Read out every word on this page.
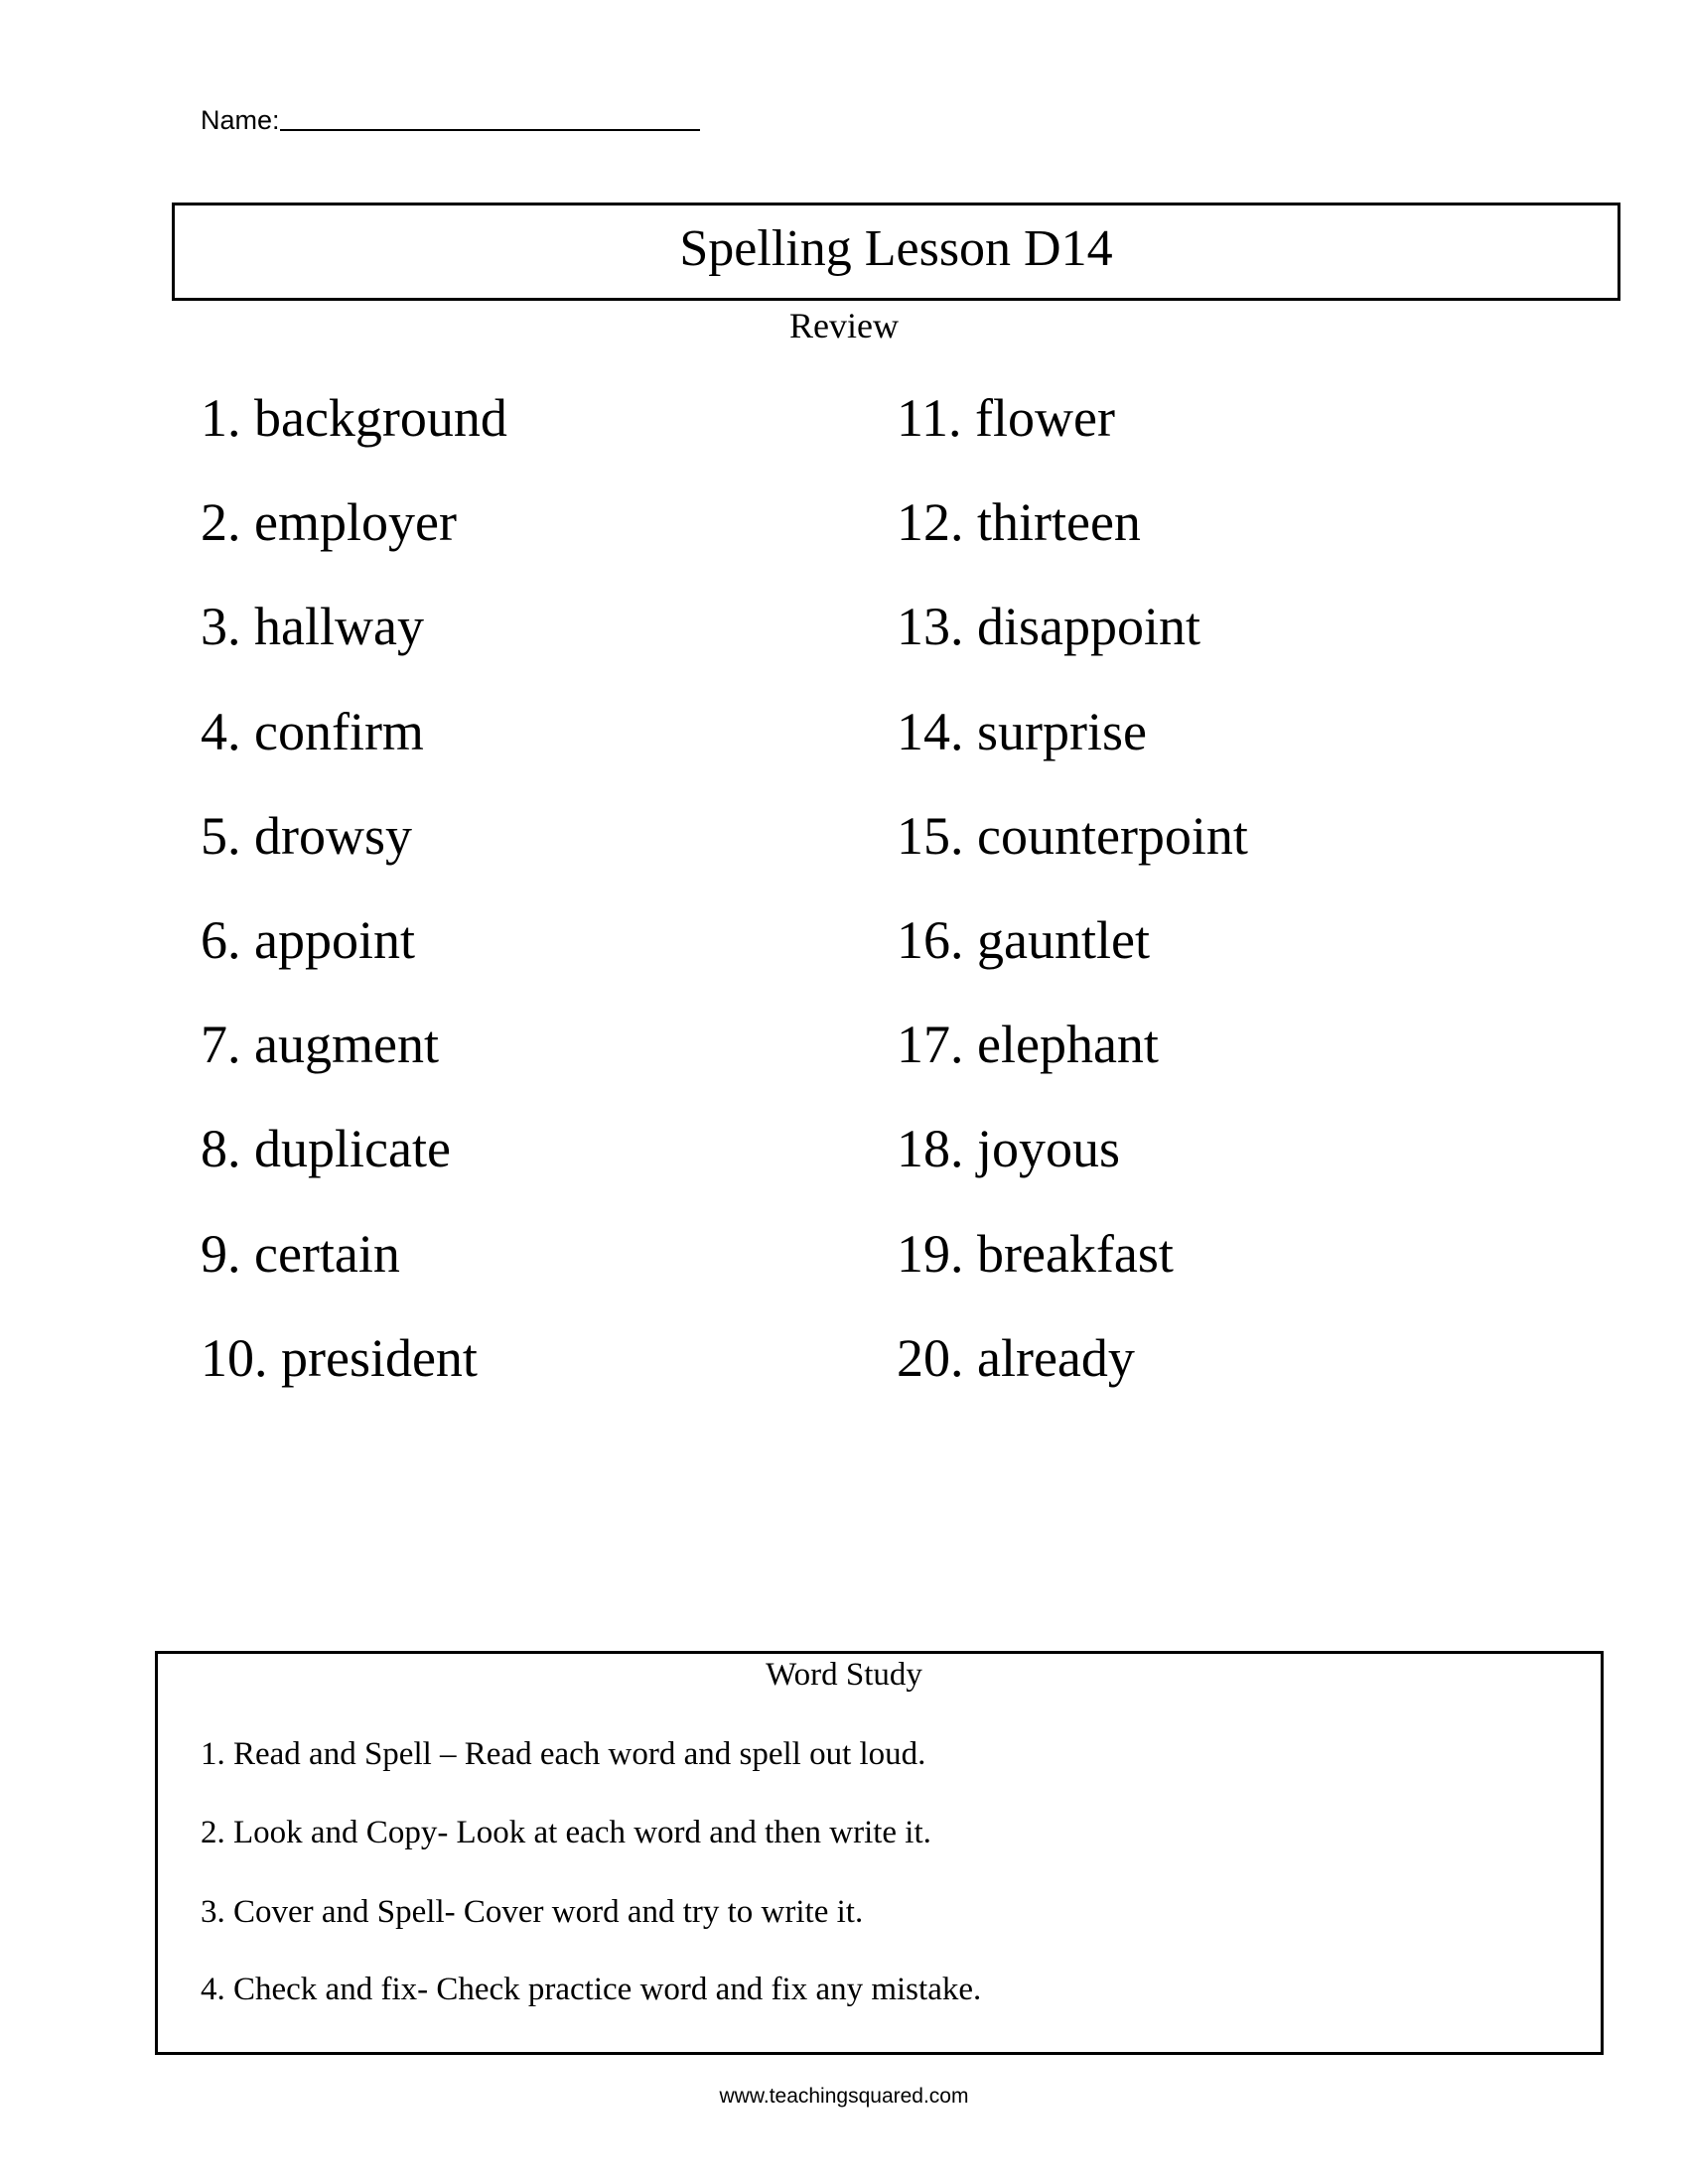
Name:
Spelling Lesson D14
Review
1. background
2. employer
3. hallway
4. confirm
5. drowsy
6. appoint
7. augment
8. duplicate
9. certain
10. president
11. flower
12. thirteen
13. disappoint
14. surprise
15. counterpoint
16. gauntlet
17. elephant
18. joyous
19. breakfast
20. already
Word Study
1. Read and Spell – Read each word and spell out loud.
2. Look and Copy- Look at each word and then write it.
3. Cover and Spell- Cover word and try to write it.
4. Check and fix- Check practice word and fix any mistake.
www.teachingsquared.com
